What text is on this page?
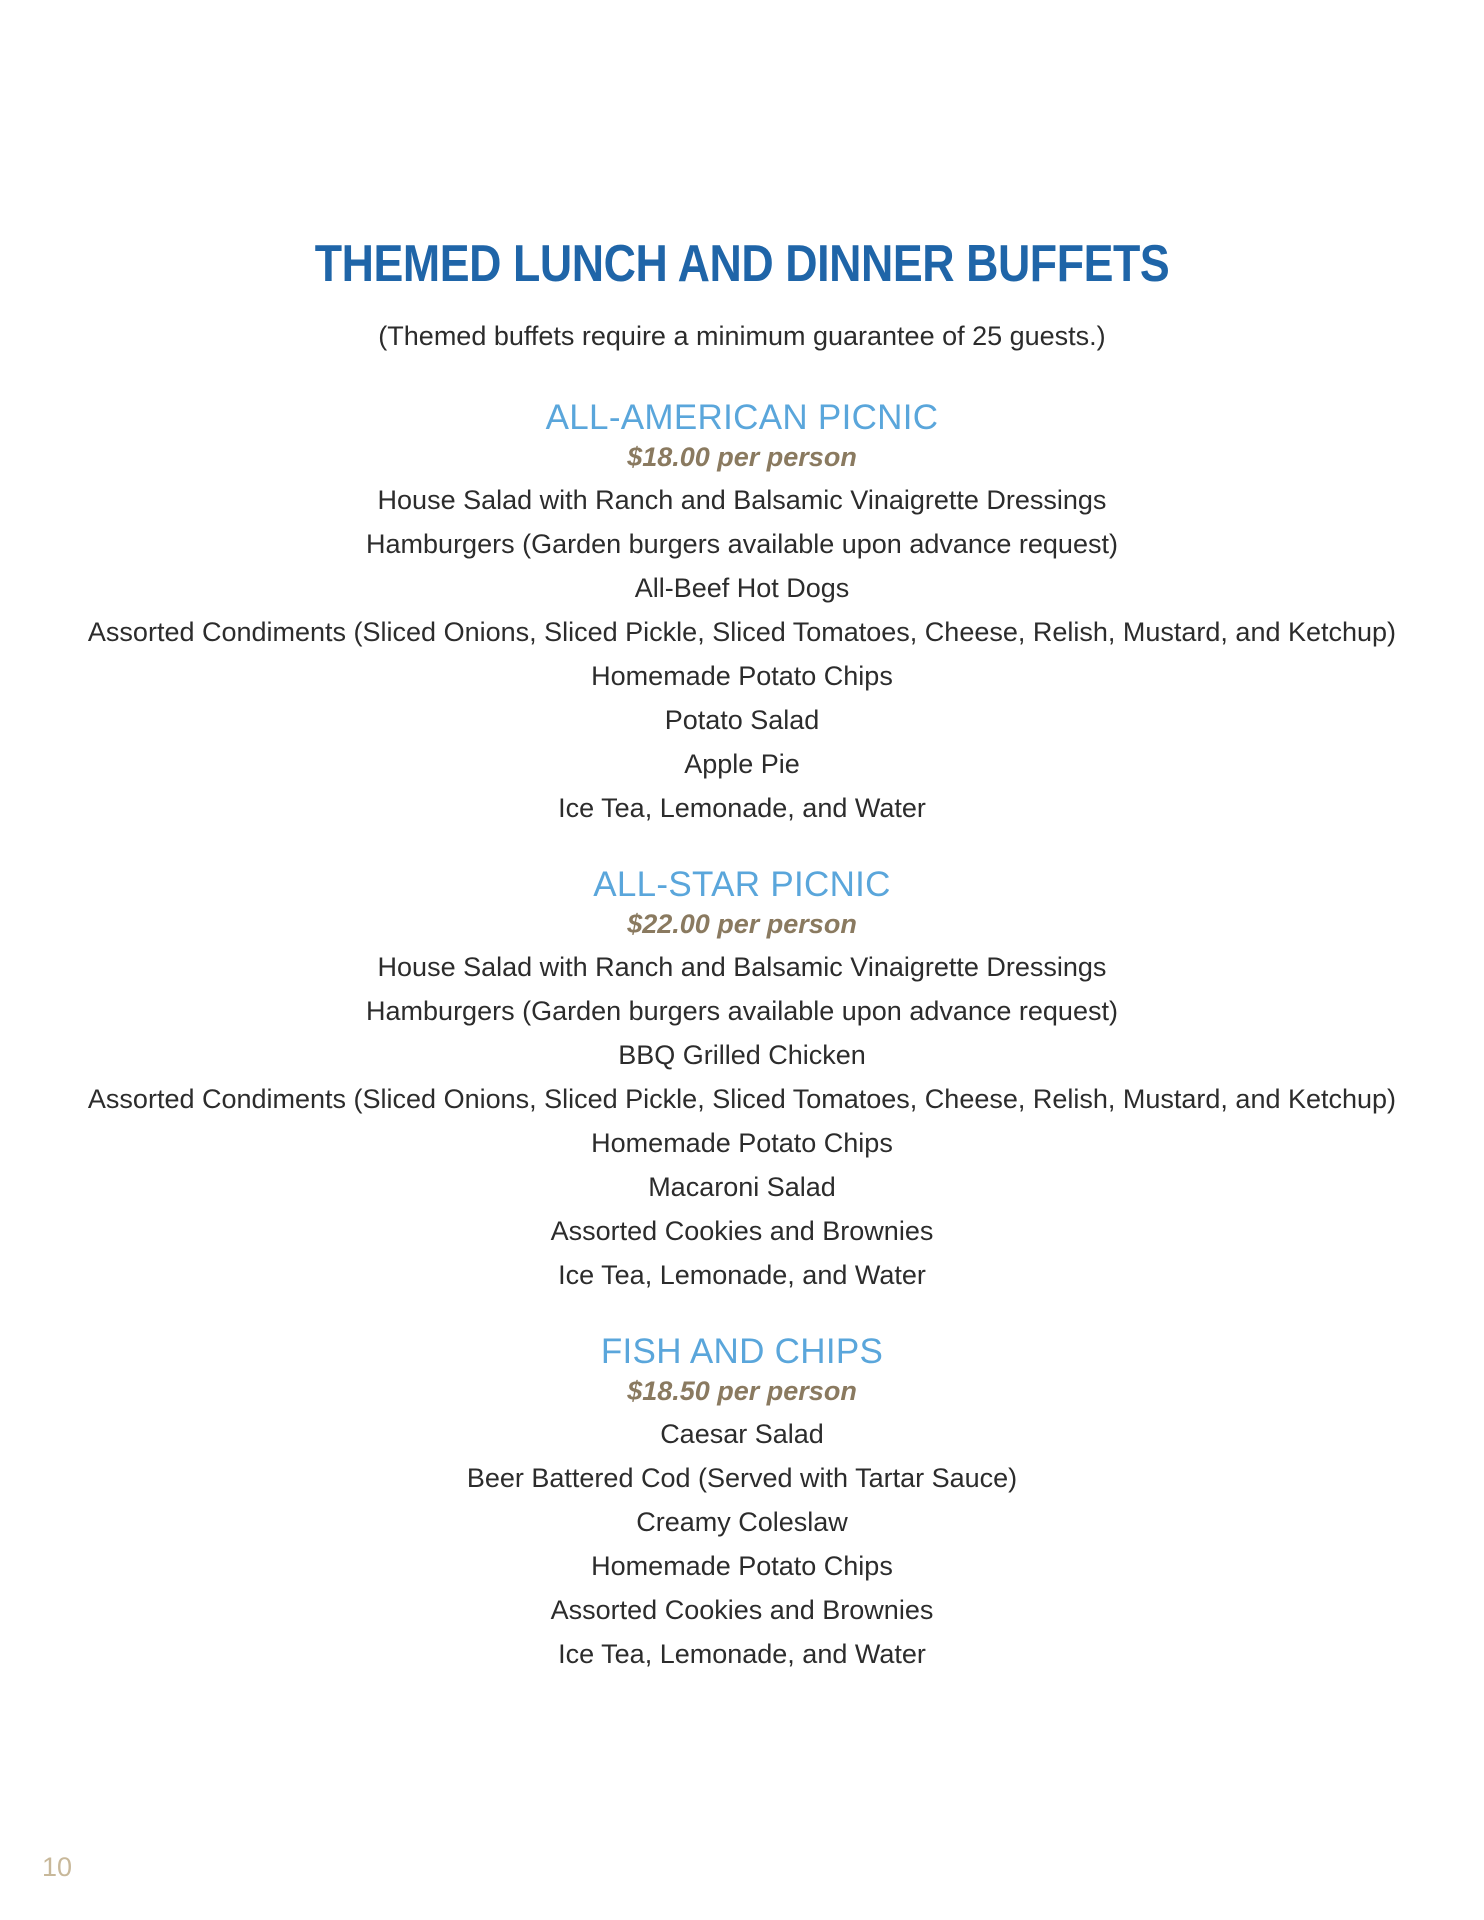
THEMED LUNCH AND DINNER BUFFETS
(Themed buffets require a minimum guarantee of 25 guests.)
ALL-AMERICAN PICNIC
$18.00 per person
House Salad with Ranch and Balsamic Vinaigrette Dressings
Hamburgers (Garden burgers available upon advance request)
All-Beef Hot Dogs
Assorted Condiments (Sliced Onions, Sliced Pickle, Sliced Tomatoes, Cheese, Relish, Mustard, and Ketchup)
Homemade Potato Chips
Potato Salad
Apple Pie
Ice Tea, Lemonade, and Water
ALL-STAR PICNIC
$22.00 per person
House Salad with Ranch and Balsamic Vinaigrette Dressings
Hamburgers (Garden burgers available upon advance request)
BBQ Grilled Chicken
Assorted Condiments (Sliced Onions, Sliced Pickle, Sliced Tomatoes, Cheese, Relish, Mustard, and Ketchup)
Homemade Potato Chips
Macaroni Salad
Assorted Cookies and Brownies
Ice Tea, Lemonade, and Water
FISH AND CHIPS
$18.50 per person
Caesar Salad
Beer Battered Cod (Served with Tartar Sauce)
Creamy Coleslaw
Homemade Potato Chips
Assorted Cookies and Brownies
Ice Tea, Lemonade, and Water
10
